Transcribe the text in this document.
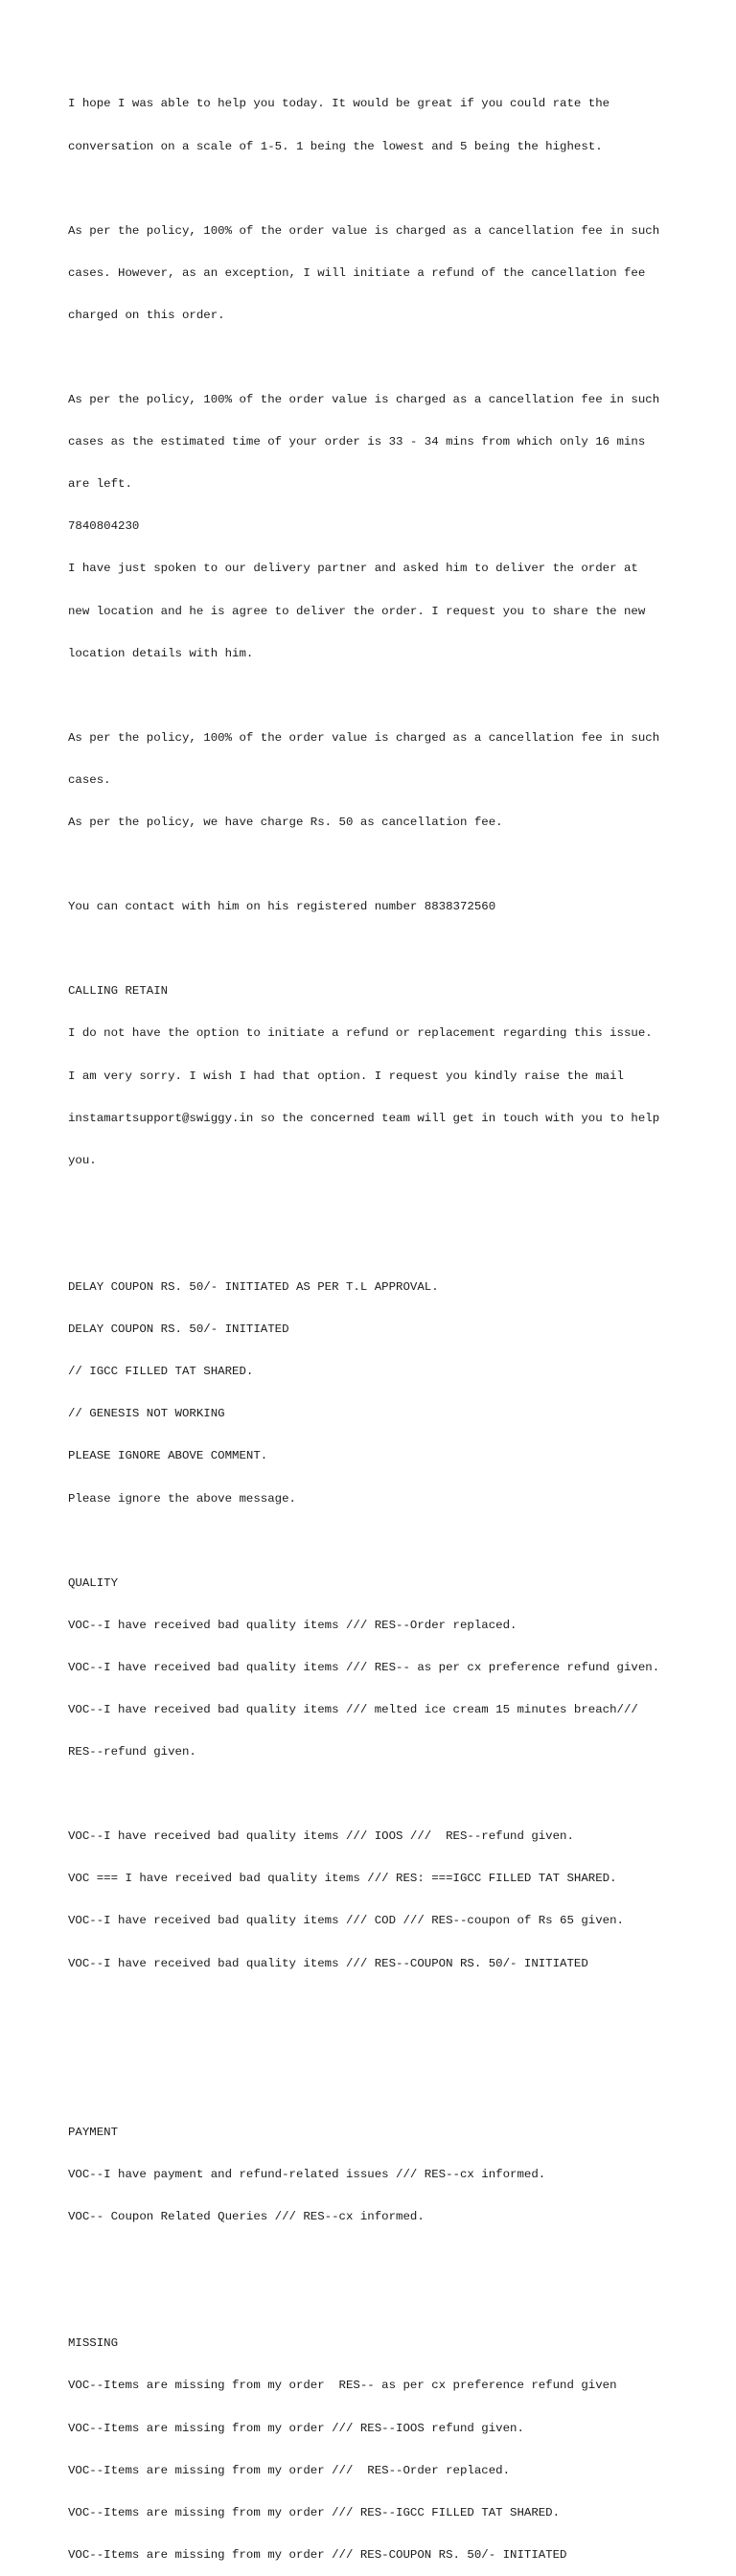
I hope I was able to help you today. It would be great if you could rate the

conversation on a scale of 1-5. 1 being the lowest and 5 being the highest.

As per the policy, 100% of the order value is charged as a cancellation fee in such

cases. However, as an exception, I will initiate a refund of the cancellation fee

charged on this order.

As per the policy, 100% of the order value is charged as a cancellation fee in such

cases as the estimated time of your order is 33 - 34 mins from which only 16 mins

are left.

7840804230

I have just spoken to our delivery partner and asked him to deliver the order at

new location and he is agree to deliver the order. I request you to share the new

location details with him.

As per the policy, 100% of the order value is charged as a cancellation fee in such

cases.

As per the policy, we have charge Rs. 50 as cancellation fee.

You can contact with him on his registered number 8838372560

CALLING RETAIN

I do not have the option to initiate a refund or replacement regarding this issue.

I am very sorry. I wish I had that option. I request you kindly raise the mail

instamartsupport@swiggy.in so the concerned team will get in touch with you to help

you.

DELAY COUPON RS. 50/- INITIATED AS PER T.L APPROVAL.

DELAY COUPON RS. 50/- INITIATED

// IGCC FILLED TAT SHARED.

// GENESIS NOT WORKING

PLEASE IGNORE ABOVE COMMENT.

Please ignore the above message.

QUALITY

VOC--I have received bad quality items /// RES--Order replaced.

VOC--I have received bad quality items /// RES-- as per cx preference refund given.

VOC--I have received bad quality items /// melted ice cream 15 minutes breach///

RES--refund given.

VOC--I have received bad quality items /// IOOS ///  RES--refund given.

VOC === I have received bad quality items /// RES: ===IGCC FILLED TAT SHARED.

VOC--I have received bad quality items /// COD /// RES--coupon of Rs 65 given.

VOC--I have received bad quality items /// RES--COUPON RS. 50/- INITIATED

PAYMENT

VOC--I have payment and refund-related issues /// RES--cx informed.

VOC-- Coupon Related Queries /// RES--cx informed.

MISSING

VOC--Items are missing from my order  RES-- as per cx preference refund given

VOC--Items are missing from my order /// RES--IOOS refund given.

VOC--Items are missing from my order ///  RES--Order replaced.

VOC--Items are missing from my order /// RES--IGCC FILLED TAT SHARED.

VOC--Items are missing from my order /// RES-COUPON RS. 50/- INITIATED
